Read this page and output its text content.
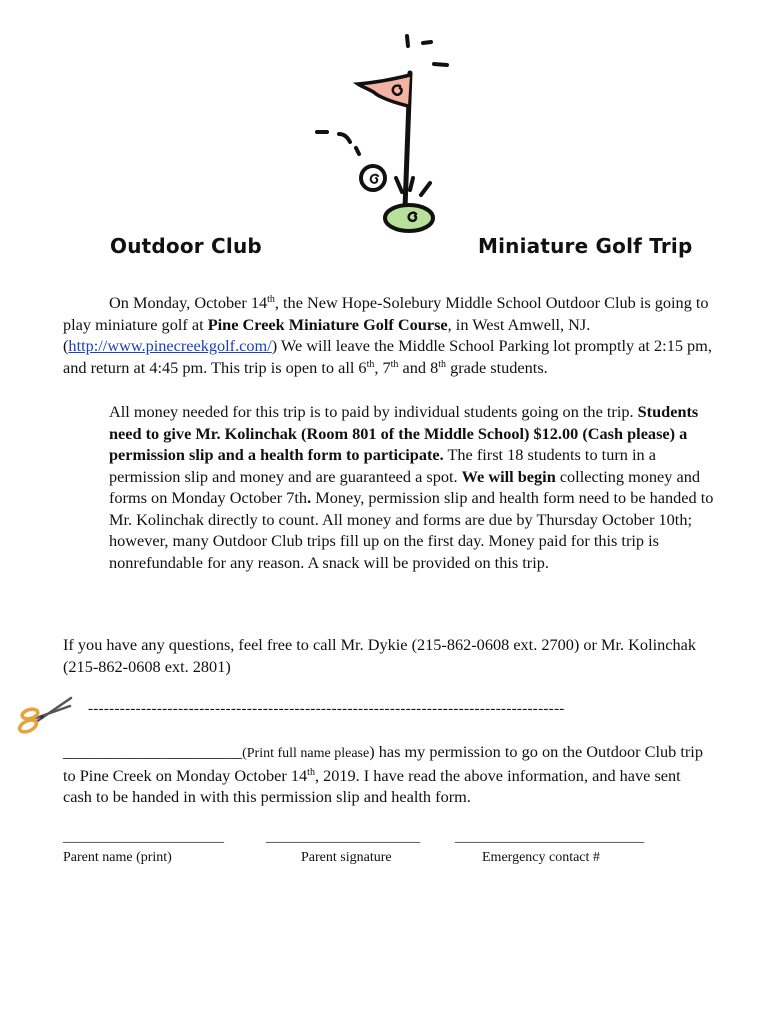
Outdoor Club	Miniature Golf Trip

On Monday, October 14th, the New Hope-Solebury Middle School Outdoor Club is going to play miniature golf at Pine Creek Miniature Golf Course, in West Amwell, NJ. (http://www.pinecreekgolf.com/) We will leave the Middle School Parking lot promptly at 2:15 pm, and return at 4:45 pm. This trip is open to all 6th, 7th and 8th grade students.

All money needed for this trip is to paid by individual students going on the trip. Students need to give Mr. Kolinchak (Room 801 of the Middle School) $12.00 (Cash please) a permission slip and a health form to participate. The first 18 students to turn in a permission slip and money and are guaranteed a spot. We will begin collecting money and forms on Monday October 7th. Money, permission slip and health form need to be handed to Mr. Kolinchak directly to count. All money and forms are due by Thursday October 10th; however, many Outdoor Club trips fill up on the first day. Money paid for this trip is nonrefundable for any reason. A snack will be provided on this trip.

If you have any questions, feel free to call Mr. Dykie (215-862-0608 ext. 2700) or Mr. Kolinchak (215-862-0608 ext. 2801)

------------------------------------------------------------------------------------------

______________________(Print full name please) has my permission to go on the Outdoor Club trip to Pine Creek on Monday October 14th, 2019. I have read the above information, and have sent cash to be handed in with this permission slip and health form.

_______________________	______________________	___________________________
Parent name (print)	Parent signature	Emergency contact #
